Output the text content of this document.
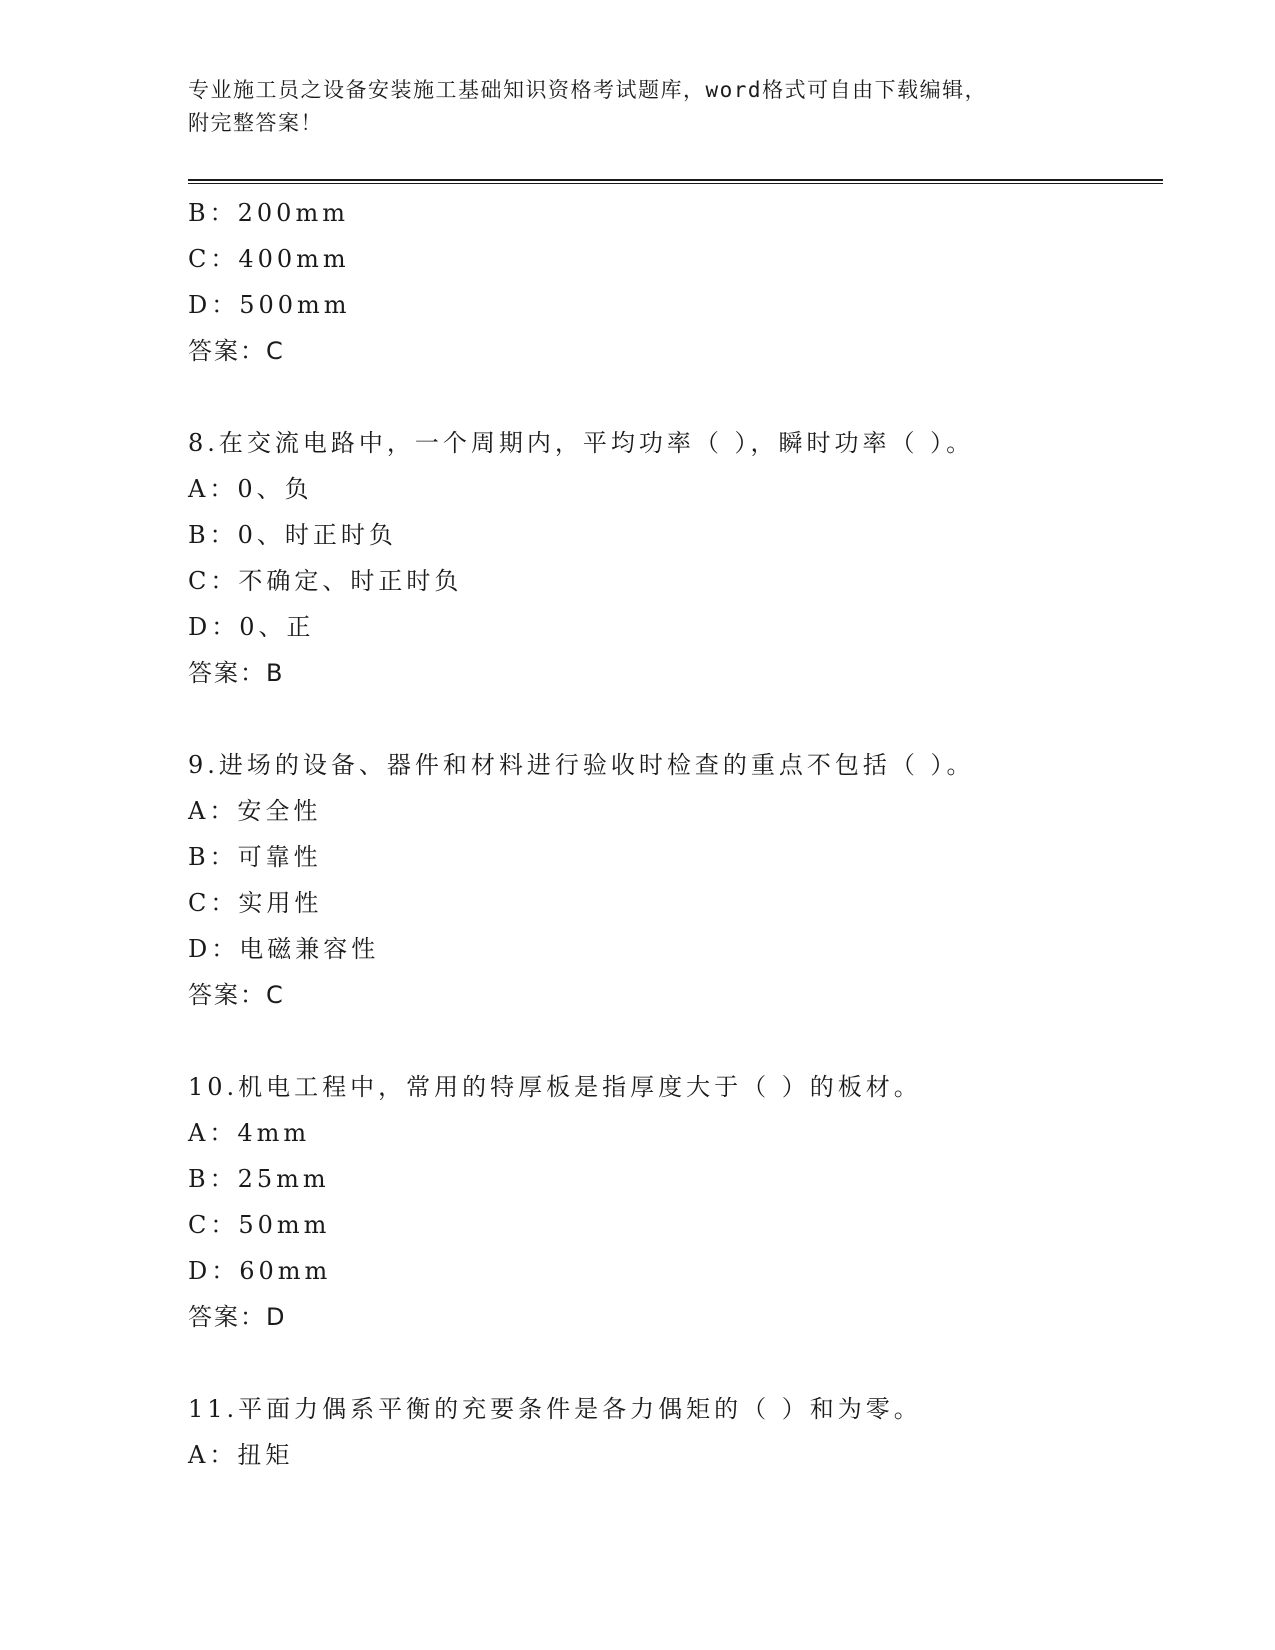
专业施工员之设备安装施工基础知识资格考试题库，word格式可自由下载编辑，
附完整答案！
B：200mm
C：400mm
D：500mm
答案：C
8.在交流电路中，一个周期内，平均功率（ ），瞬时功率（ ）。
A：0、负
B：0、时正时负
C：不确定、时正时负
D：0、正
答案：B
9.进场的设备、器件和材料进行验收时检查的重点不包括（ ）。
A：安全性
B：可靠性
C：实用性
D：电磁兼容性
答案：C
10.机电工程中，常用的特厚板是指厚度大于（ ）的板材。
A：4mm
B：25mm
C：50mm
D：60mm
答案：D
11.平面力偶系平衡的充要条件是各力偶矩的（ ）和为零。
A：扭矩
